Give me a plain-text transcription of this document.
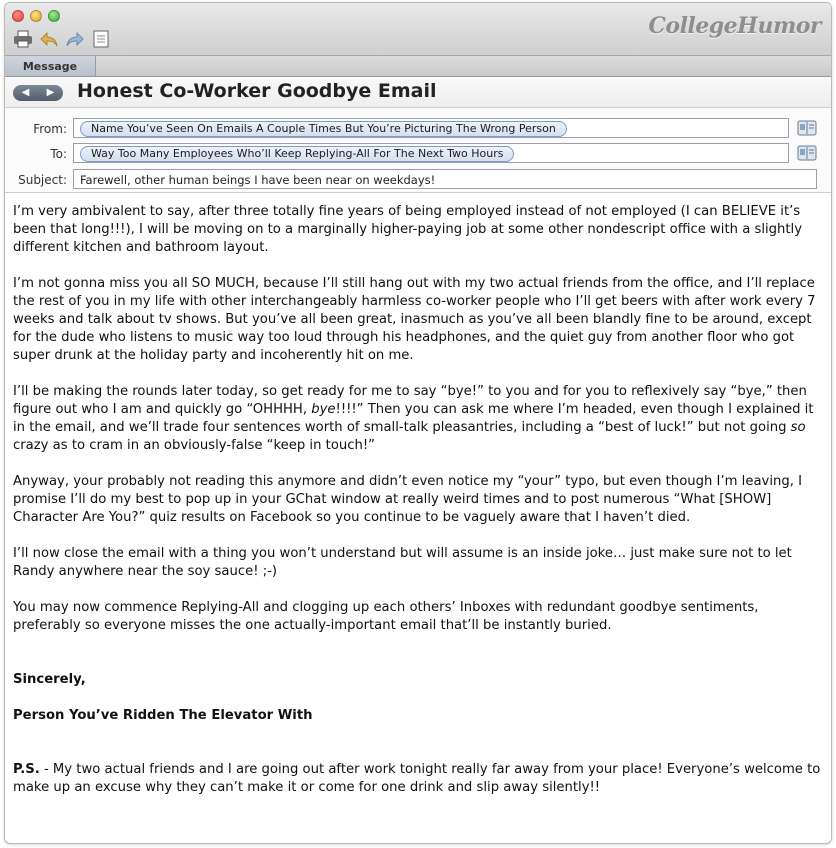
CollegeHumor
Message
◀ ▶ Honest Co-Worker Goodbye Email
From:	Name You’ve Seen On Emails A Couple Times But You’re Picturing The Wrong Person
To:	Way Too Many Employees Who’ll Keep Replying-All For The Next Two Hours
Subject: Farewell, other human beings I have been near on weekdays!

I’m very ambivalent to say, after three totally fine years of being employed instead of not employed (I can BELIEVE it’s been that long!!!), I will be moving on to a marginally higher-paying job at some other nondescript office with a slightly different kitchen and bathroom layout.

I’m not gonna miss you all SO MUCH, because I’ll still hang out with my two actual friends from the office, and I’ll replace the rest of you in my life with other interchangeably harmless co-worker people who I’ll get beers with after work every 7 weeks and talk about tv shows. But you’ve all been great, inasmuch as you’ve all been blandly fine to be around, except for the dude who listens to music way too loud through his headphones, and the quiet guy from another floor who got super drunk at the holiday party and incoherently hit on me.

I’ll be making the rounds later today, so get ready for me to say “bye!” to you and for you to reflexively say “bye,” then figure out who I am and quickly go “OHHHH, bye!!!!” Then you can ask me where I’m headed, even though I explained it in the email, and we’ll trade four sentences worth of small-talk pleasantries, including a “best of luck!” but not going so crazy as to cram in an obviously-false “keep in touch!”

Anyway, your probably not reading this anymore and didn’t even notice my “your” typo, but even though I’m leaving, I promise I’ll do my best to pop up in your GChat window at really weird times and to post numerous “What [SHOW] Character Are You?” quiz results on Facebook so you continue to be vaguely aware that I haven’t died.

I’ll now close the email with a thing you won’t understand but will assume is an inside joke… just make sure not to let Randy anywhere near the soy sauce! ;-)

You may now commence Replying-All and clogging up each others’ Inboxes with redundant goodbye sentiments, preferably so everyone misses the one actually-important email that’ll be instantly buried.

Sincerely,

Person You’ve Ridden The Elevator With

P.S. - My two actual friends and I are going out after work tonight really far away from your place! Everyone’s welcome to make up an excuse why they can’t make it or come for one drink and slip away silently!!
